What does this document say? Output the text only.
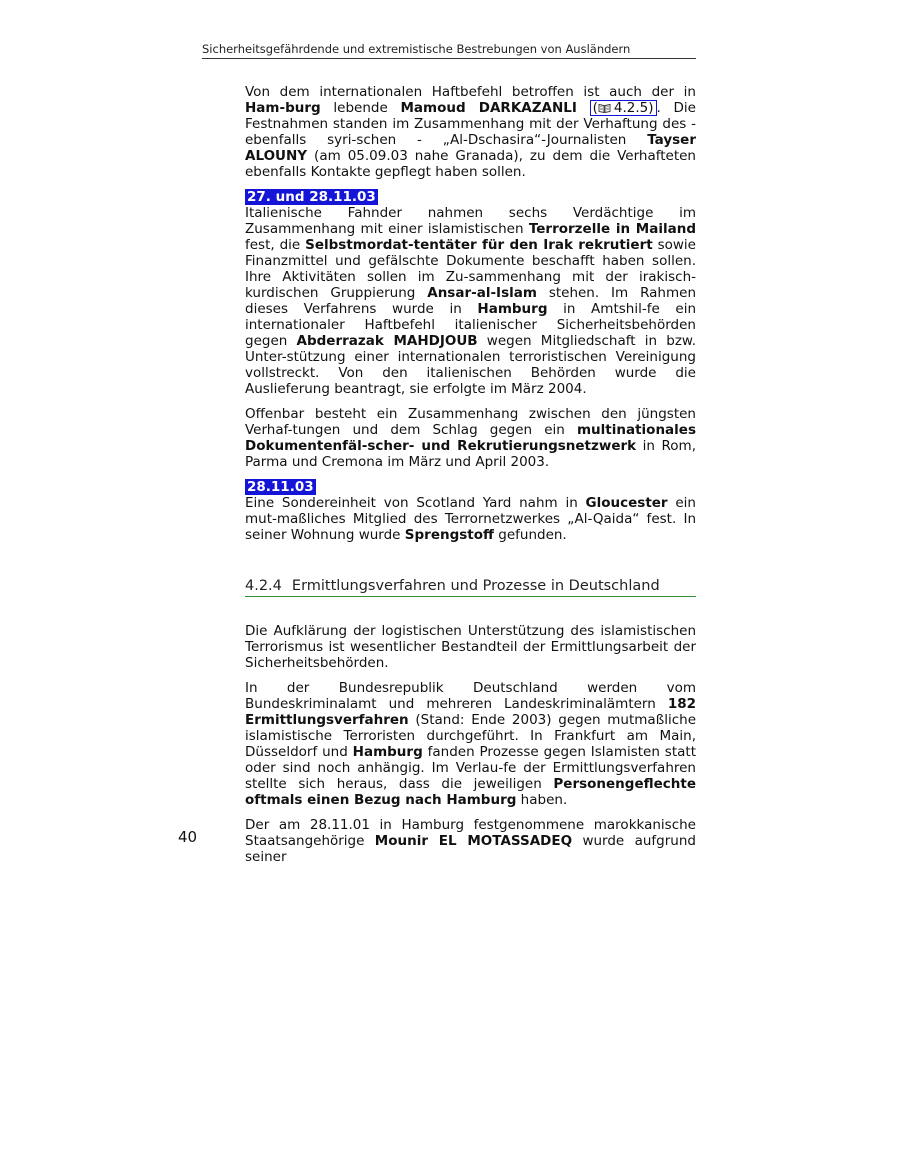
Sicherheitsgefährdende und extremistische Bestrebungen von Ausländern

Von dem internationalen Haftbefehl betroffen ist auch der in Ham-burg lebende Mamoud DARKAZANLI ( 4.2.5) . Die Festnahmen standen im Zusammenhang mit der Verhaftung des - ebenfalls syri-schen - „Al-Dschasira“-Journalisten Tayser ALOUNY (am 05.09.03 nahe Granada), zu dem die Verhafteten ebenfalls Kontakte gepflegt haben sollen.

27. und 28.11.03

Italienische Fahnder nahmen sechs Verdächtige im Zusammenhang mit einer islamistischen Terrorzelle in Mailand fest, die Selbstmordat-tentäter für den Irak rekrutiert sowie Finanzmittel und gefälschte Dokumente beschafft haben sollen. Ihre Aktivitäten sollen im Zu-sammenhang mit der irakisch-kurdischen Gruppierung Ansar-al-Islam stehen. Im Rahmen dieses Verfahrens wurde in Hamburg in Amtshil-fe ein internationaler Haftbefehl italienischer Sicherheitsbehörden gegen Abderrazak MAHDJOUB wegen Mitgliedschaft in bzw. Unter-stützung einer internationalen terroristischen Vereinigung vollstreckt. Von den italienischen Behörden wurde die Auslieferung beantragt, sie erfolgte im März 2004.

Offenbar besteht ein Zusammenhang zwischen den jüngsten Verhaf-tungen und dem Schlag gegen ein multinationales Dokumentenfäl-scher- und Rekrutierungsnetzwerk in Rom, Parma und Cremona im März und April 2003.

28.11.03

Eine Sondereinheit von Scotland Yard nahm in Gloucester ein mut-maßliches Mitglied des Terrornetzwerkes „Al-Qaida“ fest. In seiner Wohnung wurde Sprengstoff gefunden.

4.2.4 Ermittlungsverfahren und Prozesse in Deutschland

Die Aufklärung der logistischen Unterstützung des islamistischen Terrorismus ist wesentlicher Bestandteil der Ermittlungsarbeit der Sicherheitsbehörden.

In der Bundesrepublik Deutschland werden vom Bundeskriminalamt und mehreren Landeskriminalämtern 182 Ermittlungsverfahren (Stand: Ende 2003) gegen mutmaßliche islamistische Terroristen durchgeführt. In Frankfurt am Main, Düsseldorf und Hamburg fanden Prozesse gegen Islamisten statt oder sind noch anhängig. Im Verlau-fe der Ermittlungsverfahren stellte sich heraus, dass die jeweiligen Personengeflechte oftmals einen Bezug nach Hamburg haben.

Der am 28.11.01 in Hamburg festgenommene marokkanische Staatsangehörige Mounir EL MOTASSADEQ wurde aufgrund seiner

40
